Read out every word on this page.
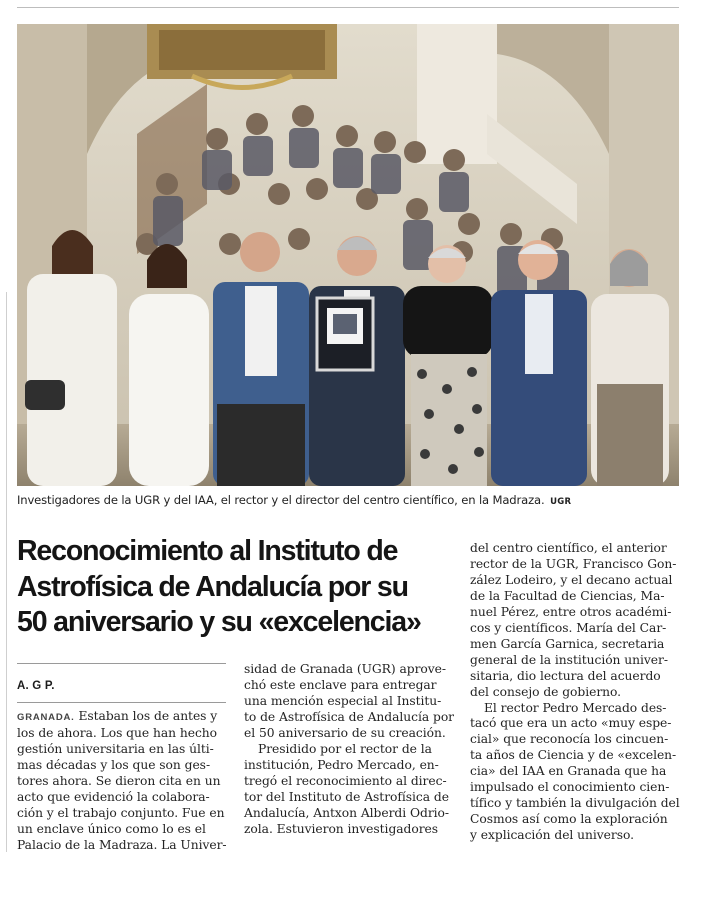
Investigadores de la UGR y del IAA, el rector y el director del centro científico, en la Madraza. UGR
Reconocimiento al Instituto de
Astrofísica de Andalucía por su
50 aniversario y su «excelencia»
A. G P.
GRANADA. Estaban los de antes y
los de ahora. Los que han hecho
gestión universitaria en las últi-
mas décadas y los que son ges-
tores ahora. Se dieron cita en un
acto que evidenció la colabora-
ción y el trabajo conjunto. Fue en
un enclave único como lo es el
Palacio de la Madraza. La Univer-
sidad de Granada (UGR) aprove-
chó este enclave para entregar
una mención especial al Institu-
to de Astrofísica de Andalucía por
el 50 aniversario de su creación.
Presidido por el rector de la
institución, Pedro Mercado, en-
tregó el reconocimiento al direc-
tor del Instituto de Astrofísica de
Andalucía, Antxon Alberdi Odrio-
zola. Estuvieron investigadores
del centro científico, el anterior
rector de la UGR, Francisco Gon-
zález Lodeiro, y el decano actual
de la Facultad de Ciencias, Ma-
nuel Pérez, entre otros académi-
cos y científicos. María del Car-
men García Garnica, secretaria
general de la institución univer-
sitaria, dio lectura del acuerdo
del consejo de gobierno.
El rector Pedro Mercado des-
tacó que era un acto «muy espe-
cial» que reconocía los cincuen-
ta años de Ciencia y de «excelen-
cia» del IAA en Granada que ha
impulsado el conocimiento cien-
tífico y también la divulgación del
Cosmos así como la exploración
y explicación del universo.
